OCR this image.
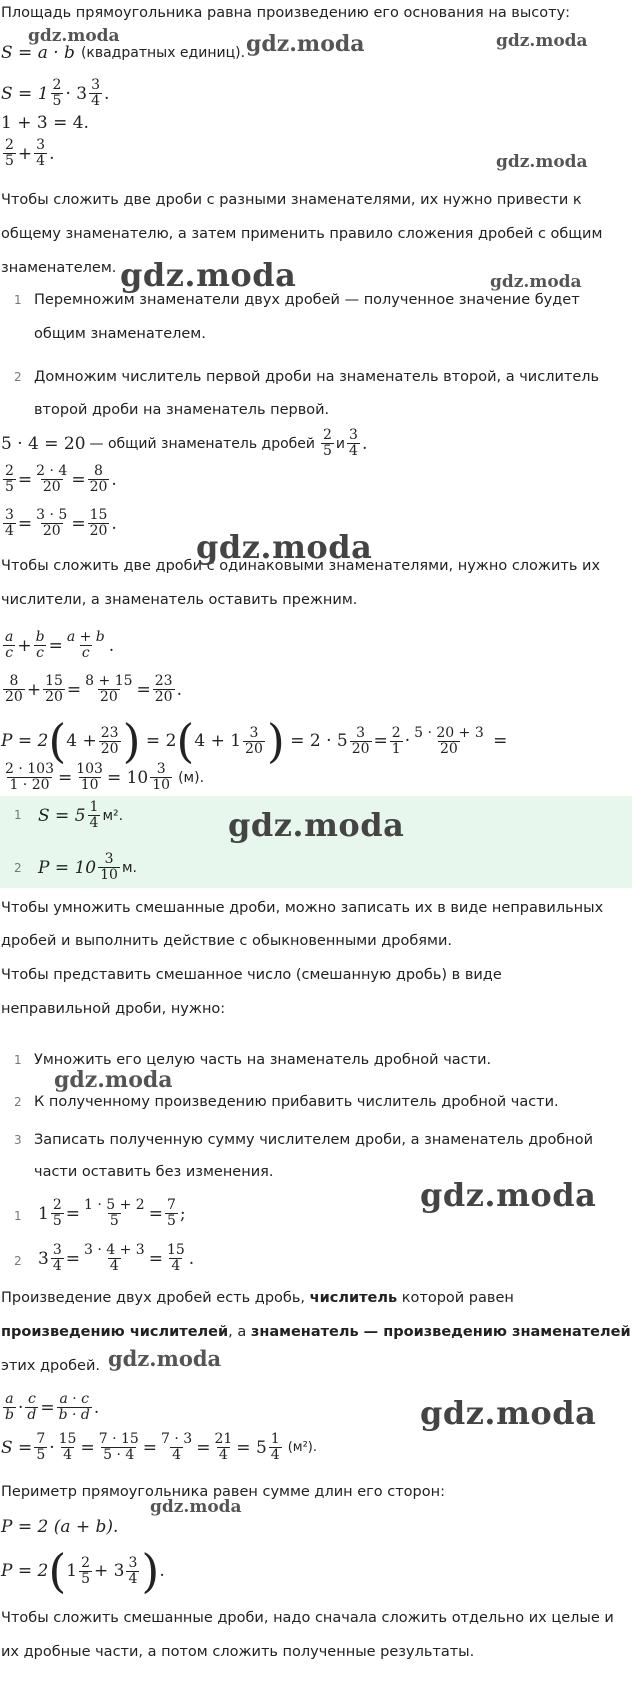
Площадь прямоугольника равна произведению его основания на высоту:
S = a · b (квадратных единиц).
S = 1 2
5 · 3 3
4 .
1 + 3 = 4.
2
5 + 3
4 .
Чтобы сложить две дроби с разными знаменателями, их нужно привести к
общему знаменателю, а затем применить правило сложения дробей с общим
знаменателем.
1 Перемножим знаменатели двух дробей — полученное значение будет
общим знаменателем.
2 Домножим числитель первой дроби на знаменатель второй, а числитель
второй дроби на знаменатель первой.
5 · 4 = 20 — общий знаменатель дробей
2
5 и
3
4 .
2
5 = 2 · 4
20 = 8
20 .
3
4 = 3 · 5
20 = 15
20 .
Чтобы сложить две дроби с одинаковыми знаменателями, нужно сложить их
числители, а знаменатель оставить прежним.
a
c + b
c = a + b
c .
8
20 + 15
20 = 8 + 15
20 = 23
20 .
P = 2 ( 4 + 23
20 ) = 2 ( 4 + 1 3
20 ) = 2 · 5 3
20 = 2
1 · 5 · 20 + 3
20 =
2 · 103
1 · 20 = 103
10 = 10 3
10 (м).
1 S = 5 1
4 м².
2 P = 10 3
10 м.
Чтобы умножить смешанные дроби, можно записать их в виде неправильных
дробей и выполнить действие с обыкновенными дробями.
Чтобы представить смешанное число (смешанную дробь) в виде
неправильной дроби, нужно:
1 Умножить его целую часть на знаменатель дробной части.
2 К полученному произведению прибавить числитель дробной части.
3 Записать полученную сумму числителем дроби, а знаменатель дробной
части оставить без изменения.
1 1 2
5 = 1 · 5 + 2
5 = 7
5 ;
2 3 3
4 = 3 · 4 + 3
4 = 15
4 .
Произведение двух дробей есть дробь, числитель которой равен
произведению числителей, а знаменатель — произведению знаменателей
этих дробей.
a
b · c
d = a · c
b · d .
S = 7
5 · 15
4 = 7 · 15
5 · 4 = 7 · 3
4 = 21
4 = 5 1
4 (м²).
Периметр прямоугольника равен сумме длин его сторон:
P = 2 (a + b).
P = 2 ( 1 2
5 + 3 3
4 ) .
Чтобы сложить смешанные дроби, надо сначала сложить отдельно их целые и
их дробные части, а потом сложить полученные результаты.
gdz.moda	gdz.moda	gdz.moda
gdz.moda
gdz.moda	gdz.moda
gdz.moda
gdz.moda
gdz.moda
gdz.moda
gdz.moda
gdz.moda
gdz.moda
